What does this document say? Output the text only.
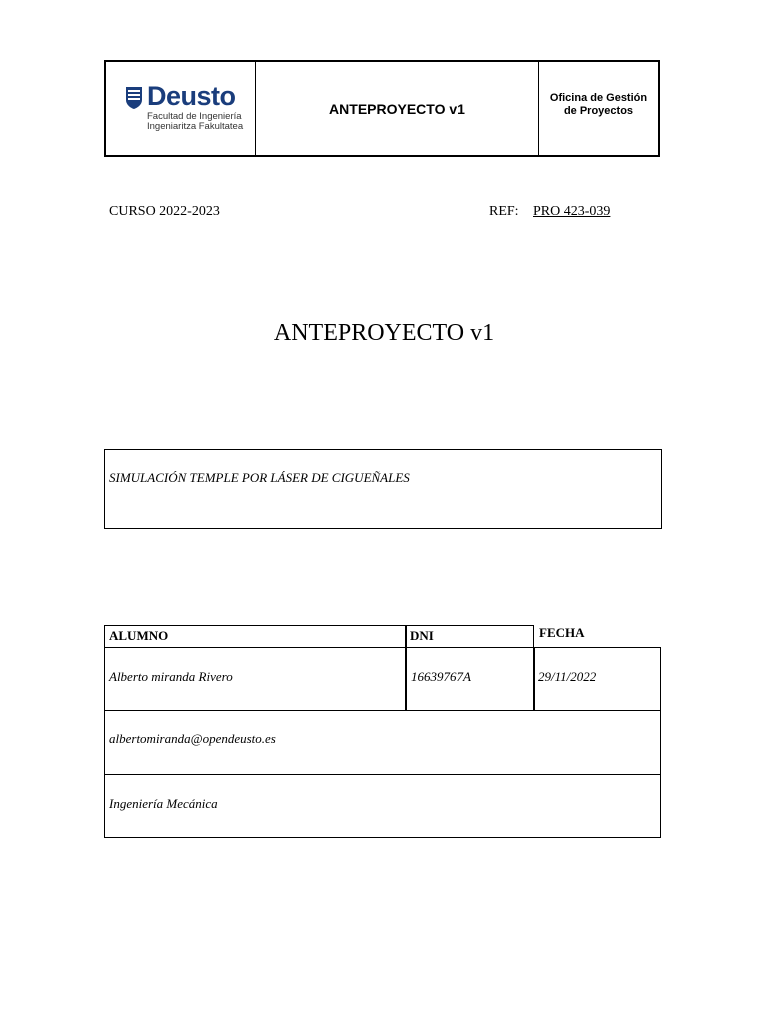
Deusto
Facultad de Ingeniería
Ingeniaritza Fakultatea
ANTEPROYECTO v1
Oficina de Gestión
de Proyectos
CURSO 2022-2023	REF: PRO 423-039
ANTEPROYECTO v1
SIMULACIÓN TEMPLE POR LÁSER DE CIGUEÑALES
ALUMNO	DNI	FECHA
Alberto miranda Rivero	16639767A	29/11/2022
albertomiranda@opendeusto.es
Ingeniería Mecánica
